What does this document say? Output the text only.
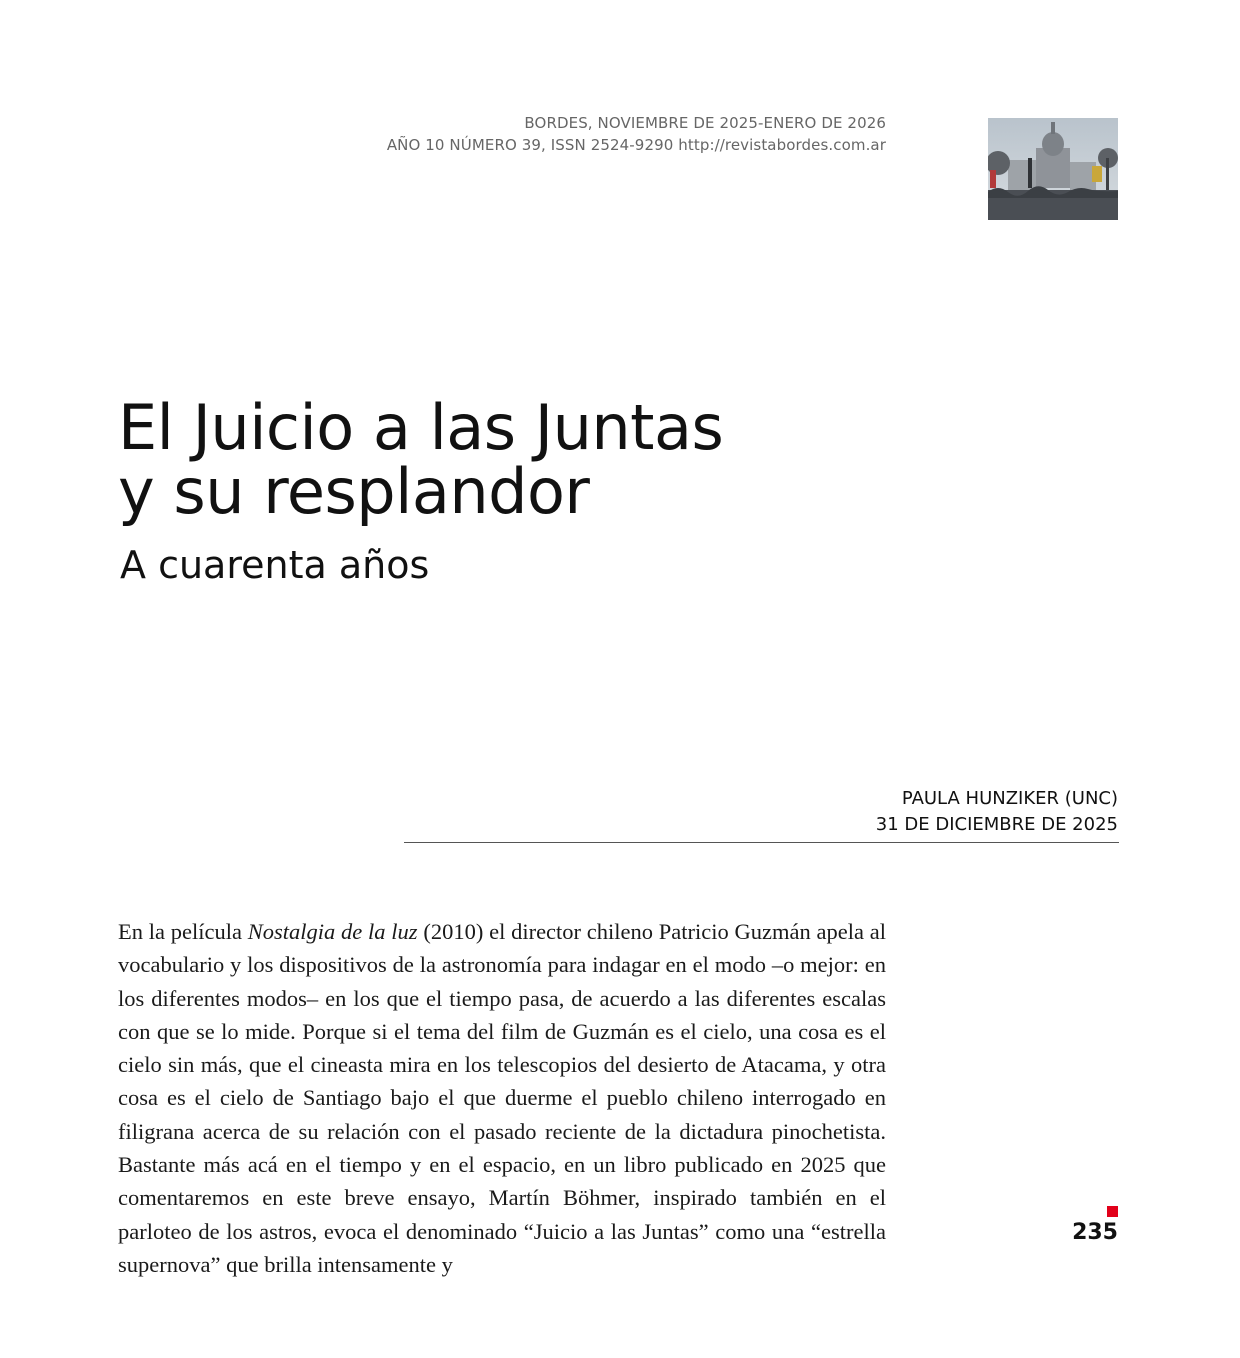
BORDES, NOVIEMBRE DE 2025-ENERO DE 2026
AÑO 10 NÚMERO 39, ISSN 2524-9290 http://revistabordes.com.ar
El Juicio a las Juntas
y su resplandor
A cuarenta años
PAULA HUNZIKER (UNC)
31 DE DICIEMBRE DE 2025

En la película Nostalgia de la luz (2010) el director chileno Patricio Guzmán apela al vocabulario y los dispositivos de la astronomía para indagar en el modo –o mejor: en los diferentes modos– en los que el tiempo pasa, de acuerdo a las diferentes escalas con que se lo mide. Porque si el tema del film de Guzmán es el cielo, una cosa es el cielo sin más, que el cineasta mira en los telescopios del desierto de Atacama, y otra cosa es el cielo de Santiago bajo el que duerme el pueblo chileno interrogado en filigrana acerca de su relación con el pasado reciente de la dictadura pinochetista. Bastante más acá en el tiempo y en el espacio, en un libro publicado en 2025 que comentaremos en este breve ensayo, Martín Böhmer, inspirado también en el parloteo de los astros, evoca el denominado “Juicio a las Juntas” como una “estrella supernova” que brilla intensamente y

235
